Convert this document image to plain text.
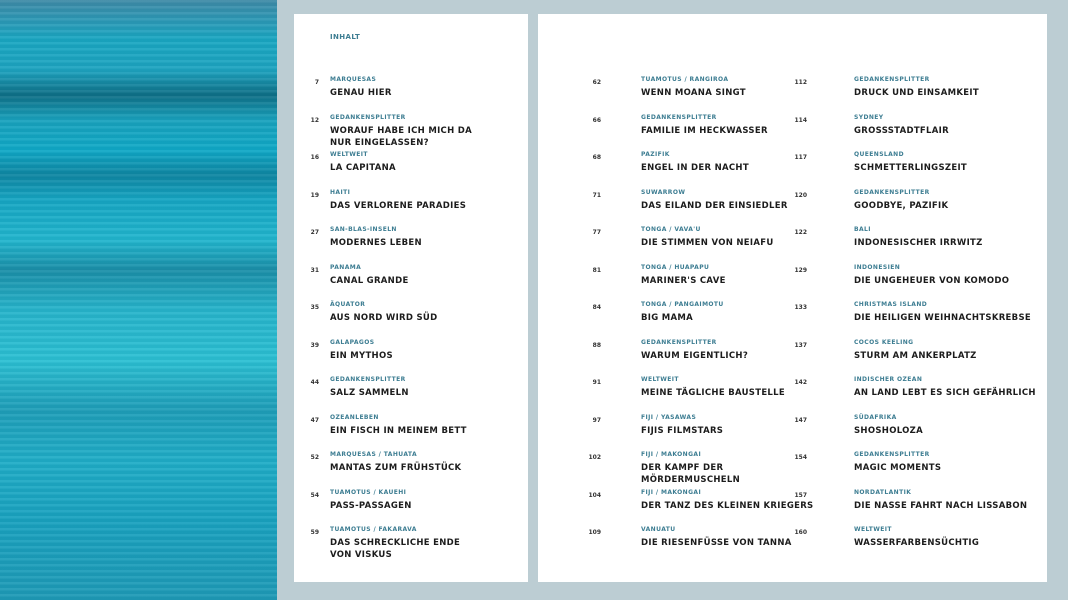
INHALT
7 MARQUESAS
GENAU HIER
12 GEDANKENSPLITTER
WORAUF HABE ICH MICH DA
NUR EINGELASSEN?
16 WELTWEIT
LA CAPITANA
19 HAITI
DAS VERLORENE PARADIES
27 SAN-BLAS-INSELN
MODERNES LEBEN
31 PANAMA
CANAL GRANDE
35 ÄQUATOR
AUS NORD WIRD SÜD
39 GALAPAGOS
EIN MYTHOS
44 GEDANKENSPLITTER
SALZ SAMMELN
47 OZEANLEBEN
EIN FISCH IN MEINEM BETT
52 MARQUESAS / TAHUATA
MANTAS ZUM FRÜHSTÜCK
54 TUAMOTUS / KAUEHI
PASS-PASSAGEN
59 TUAMOTUS / FAKARAVA
DAS SCHRECKLICHE ENDE
VON VISKUS
62	TUAMOTUS / RANGIROA
WENN MOANA SINGT
66	GEDANKENSPLITTER
FAMILIE IM HECKWASSER
68	PAZIFIK
ENGEL IN DER NACHT
71	SUWARROW
DAS EILAND DER EINSIEDLER
77	TONGA / VAVA'U
DIE STIMMEN VON NEIAFU
81	TONGA / HUAPAPU
MARINER'S CAVE
84	TONGA / PANGAIMOTU
BIG MAMA
88	GEDANKENSPLITTER
WARUM EIGENTLICH?
91	WELTWEIT
MEINE TÄGLICHE BAUSTELLE
97	FIJI / YASAWAS
FIJIS FILMSTARS
102	FIJI / MAKONGAI
DER KAMPF DER MÖRDERMUSCHELN
104	FIJI / MAKONGAI
DER TANZ DES KLEINEN KRIEGERS
109	VANUATU
DIE RIESENFÜSSE VON TANNA
112	GEDANKENSPLITTER
DRUCK UND EINSAMKEIT
114	SYDNEY
GROSSSTADTFLAIR
117	QUEENSLAND
SCHMETTERLINGSZEIT
120	GEDANKENSPLITTER
GOODBYE, PAZIFIK
122	BALI
INDONESISCHER IRRWITZ
129	INDONESIEN
DIE UNGEHEUER VON KOMODO
133	CHRISTMAS ISLAND
DIE HEILIGEN WEIHNACHTSKREBSE
137	COCOS KEELING
STURM AM ANKERPLATZ
142	INDISCHER OZEAN
AN LAND LEBT ES SICH GEFÄHRLICH
147	SÜDAFRIKA
SHOSHOLOZA
154	GEDANKENSPLITTER
MAGIC MOMENTS
157	NORDATLANTIK
DIE NASSE FAHRT NACH LISSABON
160	WELTWEIT
WASSERFARBENSÜCHTIG
